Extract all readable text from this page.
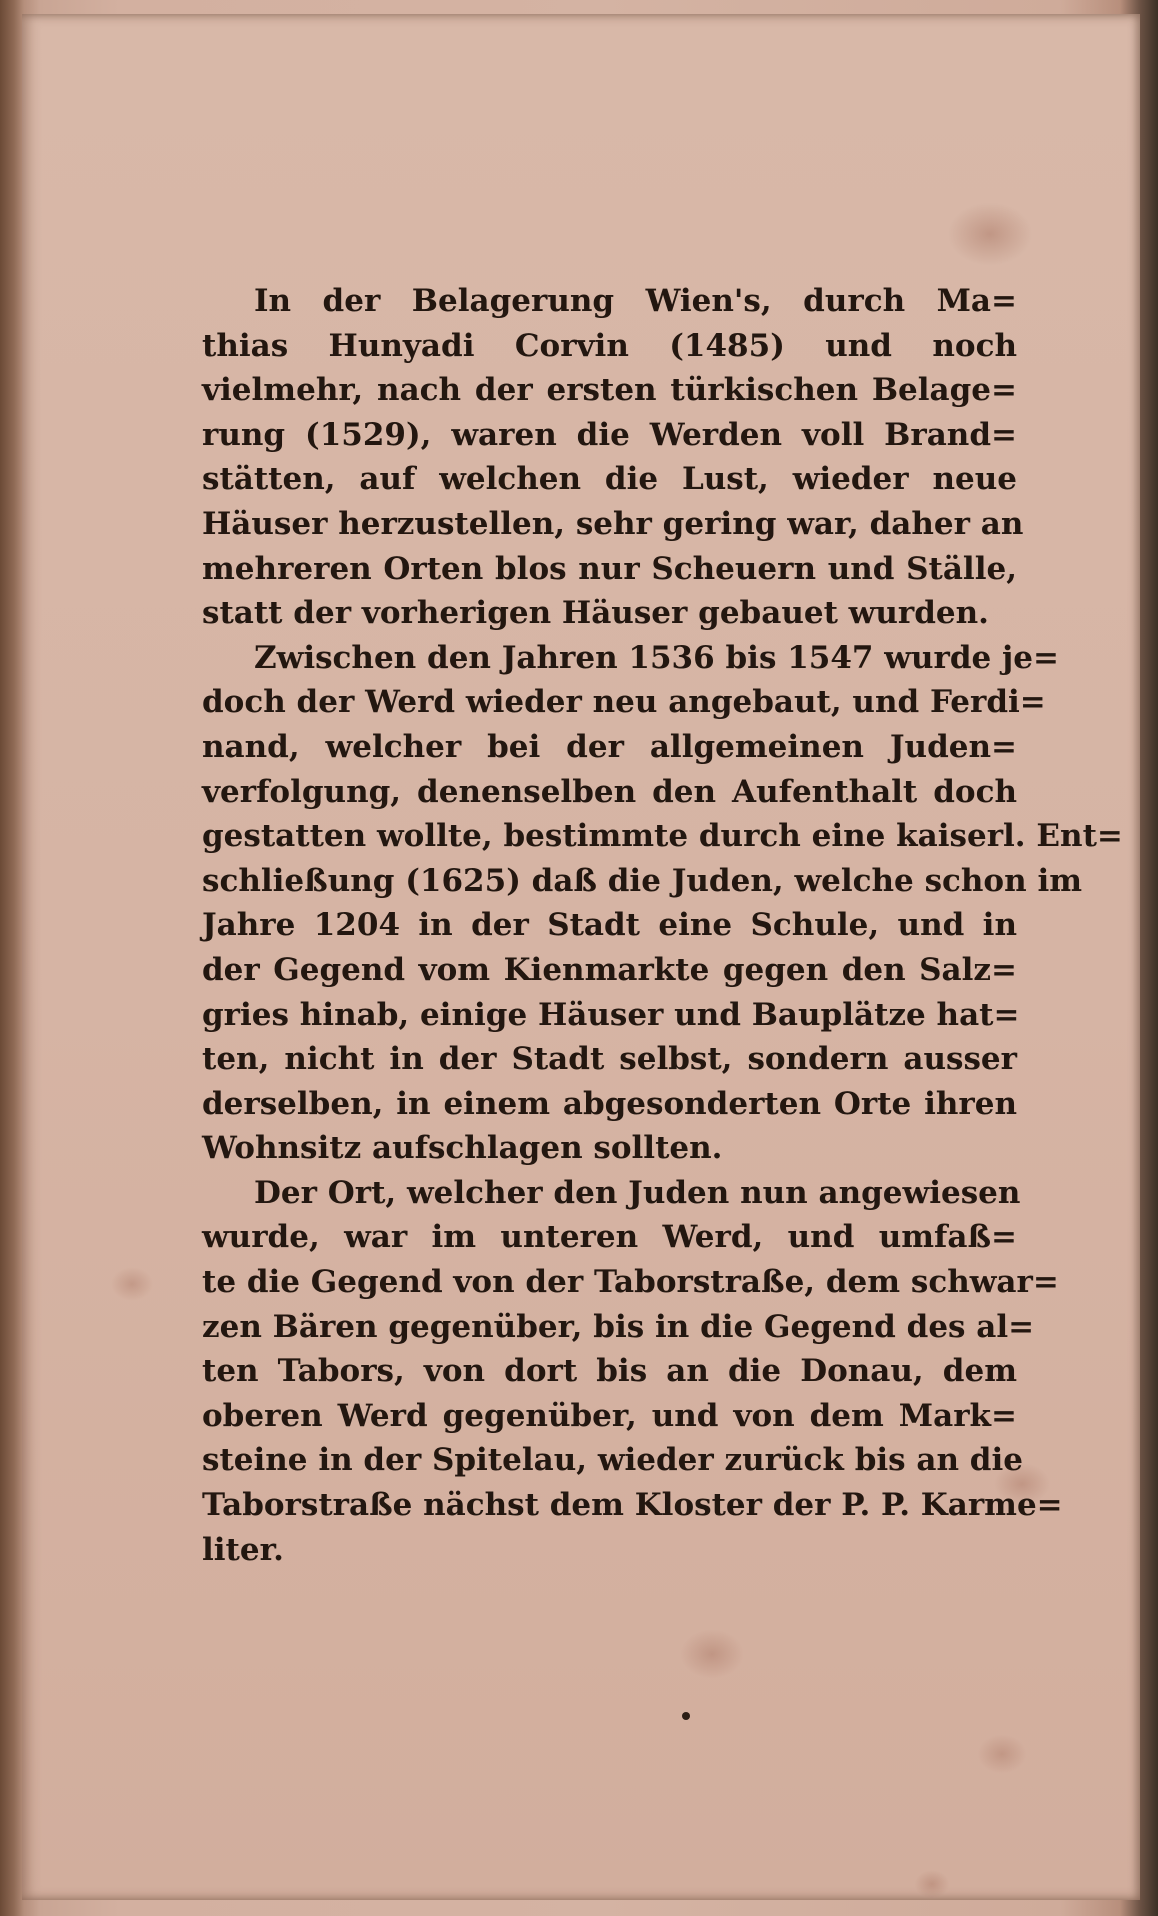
In der Belagerung Wien's, durch Ma=
thias Hunyadi Corvin (1485) und noch
vielmehr, nach der ersten türkischen Belage=
rung (1529), waren die Werden voll Brand=
stätten, auf welchen die Lust, wieder neue
Häuser herzustellen, sehr gering war, daher an
mehreren Orten blos nur Scheuern und Ställe,
statt der vorherigen Häuser gebauet wurden.
Zwischen den Jahren 1536 bis 1547 wurde je=
doch der Werd wieder neu angebaut, und Ferdi=
nand, welcher bei der allgemeinen Juden=
verfolgung, denenselben den Aufenthalt doch
gestatten wollte, bestimmte durch eine kaiserl. Ent=
schließung (1625) daß die Juden, welche schon im
Jahre 1204 in der Stadt eine Schule, und in
der Gegend vom Kienmarkte gegen den Salz=
gries hinab, einige Häuser und Bauplätze hat=
ten, nicht in der Stadt selbst, sondern ausser
derselben, in einem abgesonderten Orte ihren
Wohnsitz aufschlagen sollten.
Der Ort, welcher den Juden nun angewiesen
wurde, war im unteren Werd, und umfaß=
te die Gegend von der Taborstraße, dem schwar=
zen Bären gegenüber, bis in die Gegend des al=
ten Tabors, von dort bis an die Donau, dem
oberen Werd gegenüber, und von dem Mark=
steine in der Spitelau, wieder zurück bis an die
Taborstraße nächst dem Kloster der P. P. Karme=
liter.
